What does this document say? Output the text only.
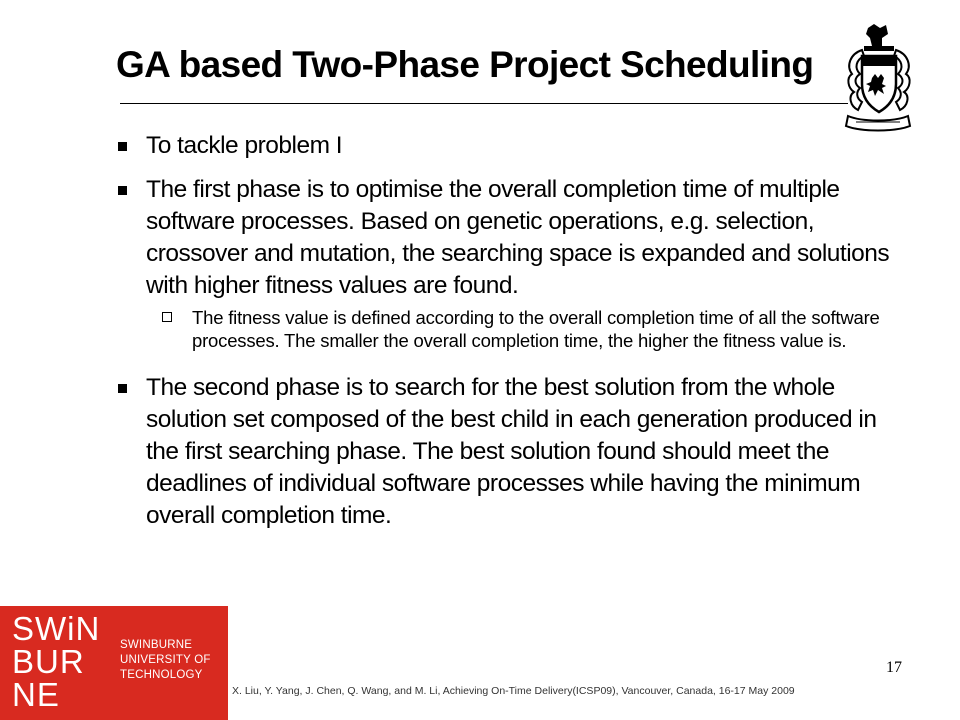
GA based Two-Phase Project Scheduling
To tackle problem I
The first phase is to optimise the overall completion time of multiple software processes. Based on genetic operations, e.g. selection, crossover and mutation, the searching space is expanded and solutions with higher fitness values are found.
The fitness value is defined according to the overall completion time of all the software processes. The smaller the overall completion time, the higher the fitness value is.
The second phase is to search for the best solution from the whole solution set composed of the best child in each generation produced in the first searching phase. The best solution found should meet the deadlines of individual software processes while having the minimum overall completion time.
SWiN
BUR
NE
SWINBURNE
UNIVERSITY OF
TECHNOLOGY
X. Liu, Y. Yang, J. Chen, Q. Wang, and M. Li, Achieving On-Time Delivery(ICSP09), Vancouver, Canada, 16-17 May 2009
17
